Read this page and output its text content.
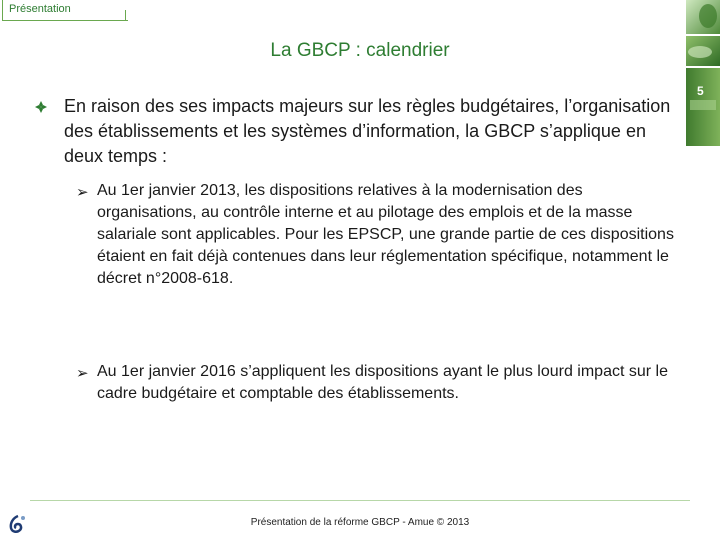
Présentation
5
La GBCP : calendrier
En raison des ses impacts majeurs sur les règles budgétaires, l’organisation des établissements et les systèmes d’information, la GBCP s’applique en deux temps :
➢ Au 1er janvier 2013, les dispositions relatives à la modernisation des organisations, au contrôle interne et au pilotage des emplois et de la masse salariale sont applicables. Pour les EPSCP, une grande partie de ces dispositions étaient en fait déjà contenues dans leur réglementation spécifique, notamment le décret n°2008-618.
➢ Au 1er janvier 2016 s’appliquent les dispositions ayant le plus lourd impact sur le cadre budgétaire et comptable des établissements.
Présentation de la réforme GBCP - Amue © 2013
